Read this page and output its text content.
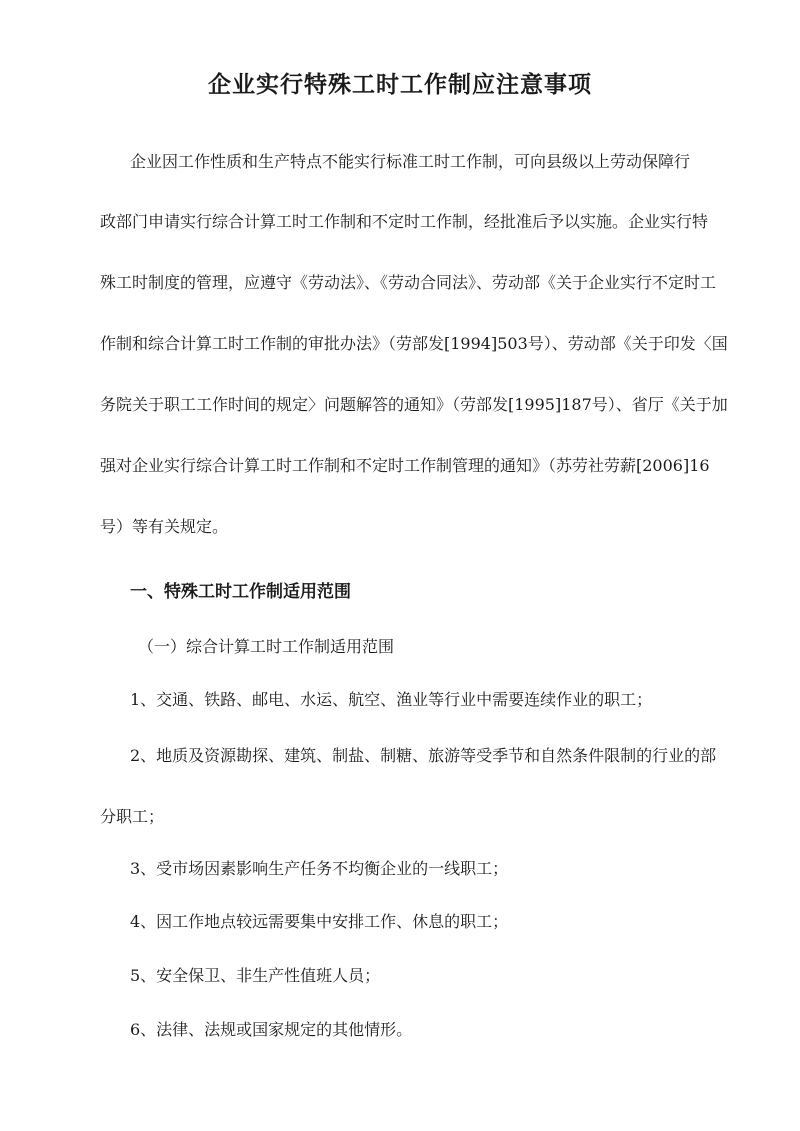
企业实行特殊工时工作制应注意事项
企业因工作性质和生产特点不能实行标准工时工作制，可向县级以上劳动保障行
政部门申请实行综合计算工时工作制和不定时工作制，经批准后予以实施。企业实行特
殊工时制度的管理，应遵守《劳动法》、《劳动合同法》、劳动部《关于企业实行不定时工
作制和综合计算工时工作制的审批办法》（劳部发[1994]503号）、劳动部《关于印发〈国
务院关于职工工作时间的规定〉问题解答的通知》（劳部发[1995]187号）、省厅《关于加
强对企业实行综合计算工时工作制和不定时工作制管理的通知》（苏劳社劳薪[2006]16
号）等有关规定。
一、特殊工时工作制适用范围
（一）综合计算工时工作制适用范围
1、交通、铁路、邮电、水运、航空、渔业等行业中需要连续作业的职工；
2、地质及资源勘探、建筑、制盐、制糖、旅游等受季节和自然条件限制的行业的部
分职工；
3、受市场因素影响生产任务不均衡企业的一线职工；
4、因工作地点较远需要集中安排工作、休息的职工；
5、安全保卫、非生产性值班人员；
6、法律、法规或国家规定的其他情形。
